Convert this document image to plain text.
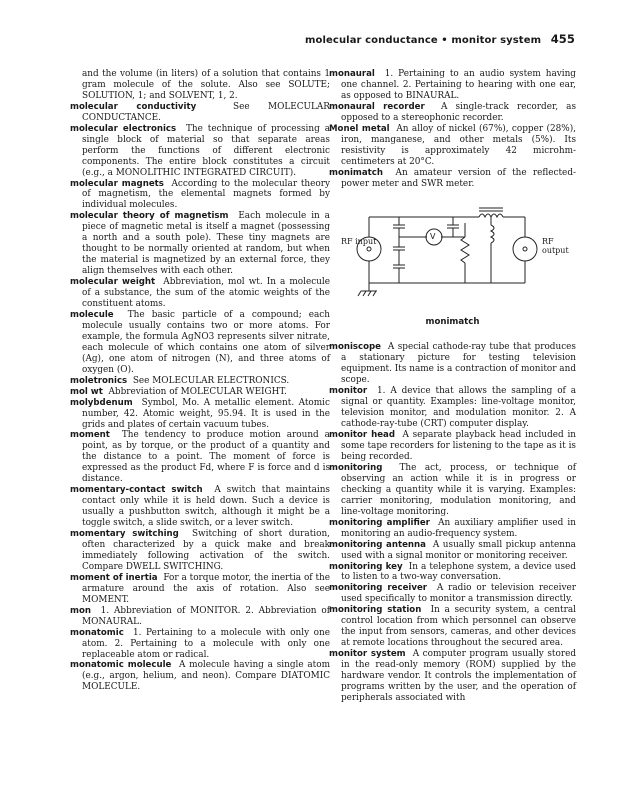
molecular conductance • monitor system 455

and the volume (in liters) of a solution that contains 1 gram molecule of the solute. Also see SOLUTE; SOLUTION, 1; and SOLVENT, 1, 2.

molecular conductivity	See MOLECULAR CONDUCTANCE.

molecular electronics The technique of processing a single block of material so that separate areas perform the functions of different electronic components. The entire block constitutes a circuit (e.g., a MONOLITHIC INTEGRATED CIRCUIT).

molecular magnets According to the molecular theory of magnetism, the elemental magnets formed by individual molecules.

molecular theory of magnetism Each molecule in a piece of magnetic metal is itself a magnet (possessing a north and a south pole). These tiny magnets are thought to be normally oriented at random, but when the material is magnetized by an external force, they align themselves with each other.

molecular weight Abbreviation, mol wt. In a molecule of a substance, the sum of the atomic weights of the constituent atoms.

molecule The basic particle of a compound; each molecule usually contains two or more atoms. For example, the formula AgNO3 represents silver nitrate, each molecule of which contains one atom of silver (Ag), one atom of nitrogen (N), and three atoms of oxygen (O).

moletronics See MOLECULAR ELECTRONICS.

mol wt Abbreviation of MOLECULAR WEIGHT.

molybdenum Symbol, Mo. A metallic element. Atomic number, 42. Atomic weight, 95.94. It is used in the grids and plates of certain vacuum tubes.

moment The tendency to produce motion around a point, as by torque, or the product of a quantity and the distance to a point. The moment of force is expressed as the product Fd, where F is force and d is distance.

momentary-contact switch A switch that maintains contact only while it is held down. Such a device is usually a pushbutton switch, although it might be a toggle switch, a slide switch, or a lever switch.

momentary switching Switching of short duration, often characterized by a quick make and break immediately following activation of the switch. Compare DWELL SWITCHING.

moment of inertia For a torque motor, the inertia of the armature around the axis of rotation. Also see MOMENT.

mon 1. Abbreviation of MONITOR. 2. Abbreviation of MONAURAL.

monatomic 1. Pertaining to a molecule with only one atom. 2. Pertaining to a molecule with only one replaceable atom or radical.

monatomic molecule A molecule having a single atom (e.g., argon, helium, and neon). Compare DIATOMIC MOLECULE.

monaural 1. Pertaining to an audio system having one channel. 2. Pertaining to hearing with one ear, as opposed to BINAURAL.

monaural recorder A single-track recorder, as opposed to a stereophonic recorder.

Monel metal An alloy of nickel (67%), copper (28%), iron, manganese, and other metals (5%). Its resistivity is approximately 42 microhm-centimeters at 20°C.

monimatch An amateur version of the reflected-power meter and SWR meter.

RF input	RF output
V
monimatch

moniscope A special cathode-ray tube that produces a stationary picture for testing television equipment. Its name is a contraction of monitor and scope.

monitor 1. A device that allows the sampling of a signal or quantity. Examples: line-voltage monitor, television monitor, and modulation monitor. 2. A cathode-ray-tube (CRT) computer display.

monitor head A separate playback head included in some tape recorders for listening to the tape as it is being recorded.

monitoring The act, process, or technique of observing an action while it is in progress or checking a quantity while it is varying. Examples: carrier monitoring, modulation monitoring, and line-voltage monitoring.

monitoring amplifier An auxiliary amplifier used in monitoring an audio-frequency system.

monitoring antenna A usually small pickup antenna used with a signal monitor or monitoring receiver.

monitoring key In a telephone system, a device used to listen to a two-way conversation.

monitoring receiver A radio or television receiver used specifically to monitor a transmission directly.

monitoring station In a security system, a central control location from which personnel can observe the input from sensors, cameras, and other devices at remote locations throughout the secured area.

monitor system A computer program usually stored in the read-only memory (ROM) supplied by the hardware vendor. It controls the implementation of programs written by the user, and the operation of peripherals associated with
